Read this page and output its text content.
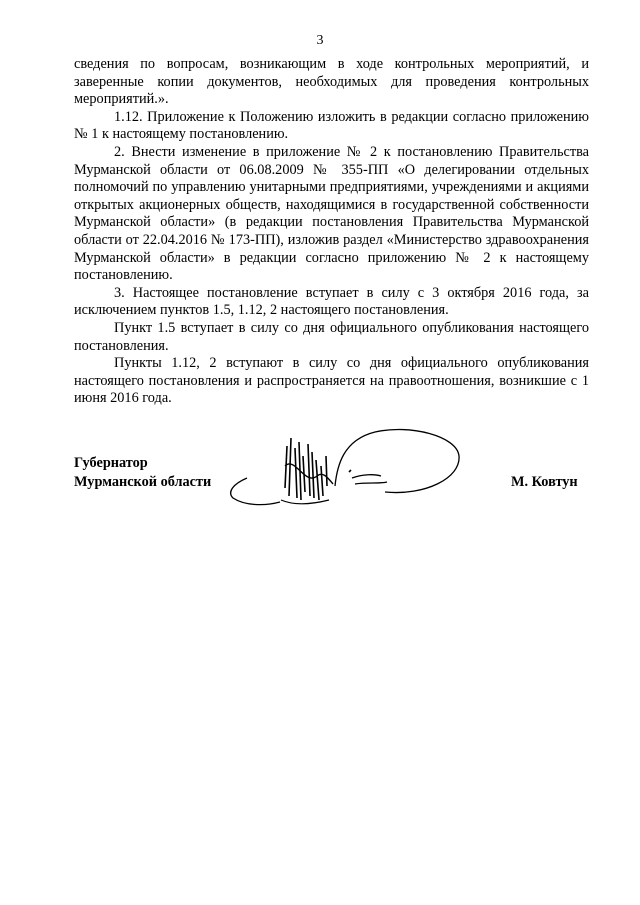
3

сведения по вопросам, возникающим в ходе контрольных мероприятий, и заверенные копии документов, необходимых для проведения контрольных мероприятий.».

1.12. Приложение к Положению изложить в редакции согласно приложению № 1 к настоящему постановлению.

2. Внести изменение в приложение № 2 к постановлению Правительства Мурманской области от 06.08.2009 № 355-ПП «О делегировании отдельных полномочий по управлению унитарными предприятиями, учреждениями и акциями открытых акционерных обществ, находящимися в государственной собственности Мурманской области» (в редакции постановления Правительства Мурманской области от 22.04.2016 № 173-ПП), изложив раздел «Министерство здравоохранения Мурманской области» в редакции согласно приложению № 2 к настоящему постановлению.

3. Настоящее постановление вступает в силу с 3 октября 2016 года, за исключением пунктов 1.5, 1.12, 2 настоящего постановления.

Пункт 1.5 вступает в силу со дня официального опубликования настоящего постановления.

Пункты 1.12, 2 вступают в силу со дня официального опубликования настоящего постановления и распространяется на правоотношения, возникшие с 1 июня 2016 года.

Губернатор
Мурманской области	М. Ковтун
